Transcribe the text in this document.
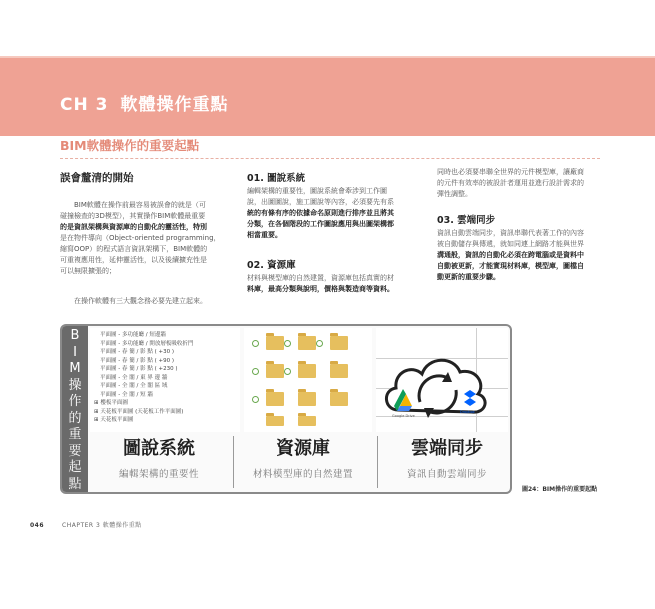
CH 3 軟體操作重點
BIM軟體操作的重要起點
誤會釐清的開始
BIM軟體在操作前最容易被誤會的就是（可
碰撞檢查的3D模型），其實操作BIM軟體最重要
的是資訊架構與資源庫的自動化的靈活性，特別
是在物件導向（Object-oriented programming，
縮寫OOP）的程式語言資訊架構下，BIM軟體的
可重複應用性，延伸靈活性，以及後續擴充性是
可以無限擴張的；
在操作軟體有三大觀念務必要先建立起來。
01. 圖說系統
編輯架構的重要性，圖說系統會牽涉到工作圖
說，出圖圖說，施工圖說等內容，必須要先有系
統的有條有序的依據命名原則進行排序並且將其
分類，在各個階段的工作圖說應用與出圖架構都
相當重要。
02. 資源庫
材料與模型庫的自然建置，資源庫包括真實的材
料庫，最高分類與說明，價格與製造商等資料。
同時也必須要串聯全世界的元件模型庫，讓廠商
的元件有效率的被設計者運用並進行設計需求的
彈性調整。
03. 雲端同步
資訊自動雲端同步，資訊串聯代表著工作的內容
被自動儲存與傳遞，就如同連上網路才能與世界
溝通般，資訊的自動化必須在跨電腦或是資料中
自動被更新，才能實現材料庫，模型庫，圖檔自
動更新的重要步驟。
B
I
M
操
作
的
重
要
起
點
平面圖 - 多功能廳 / 短邊牆
平面圖 - 多功能廳 / 開放層板吸收折門
平面圖 - 春 簡 / 影 點 ( +30 )
平面圖 - 春 簡 / 影 點 ( +90 )
平面圖 - 春 簡 / 影 點 ( +230 )
平面圖 - 全 閣 / 東 界 邊 牆
平面圖 - 全 閣 / 全 閣 區 域
平面圖 - 全 閣 / 短 牆
⊞ 樓板平面圖
⊞ 天花板平面圖 (天花板工作平面圖)
⊞ 天花板平面圖
Google Drive
Dropbox
圖說系統
編輯架構的重要性
資源庫
材料模型庫的自然建置
雲端同步
資訊自動雲端同步
圖24：BIM操作的重要起點
046	CHAPTER 3 軟體操作重點
